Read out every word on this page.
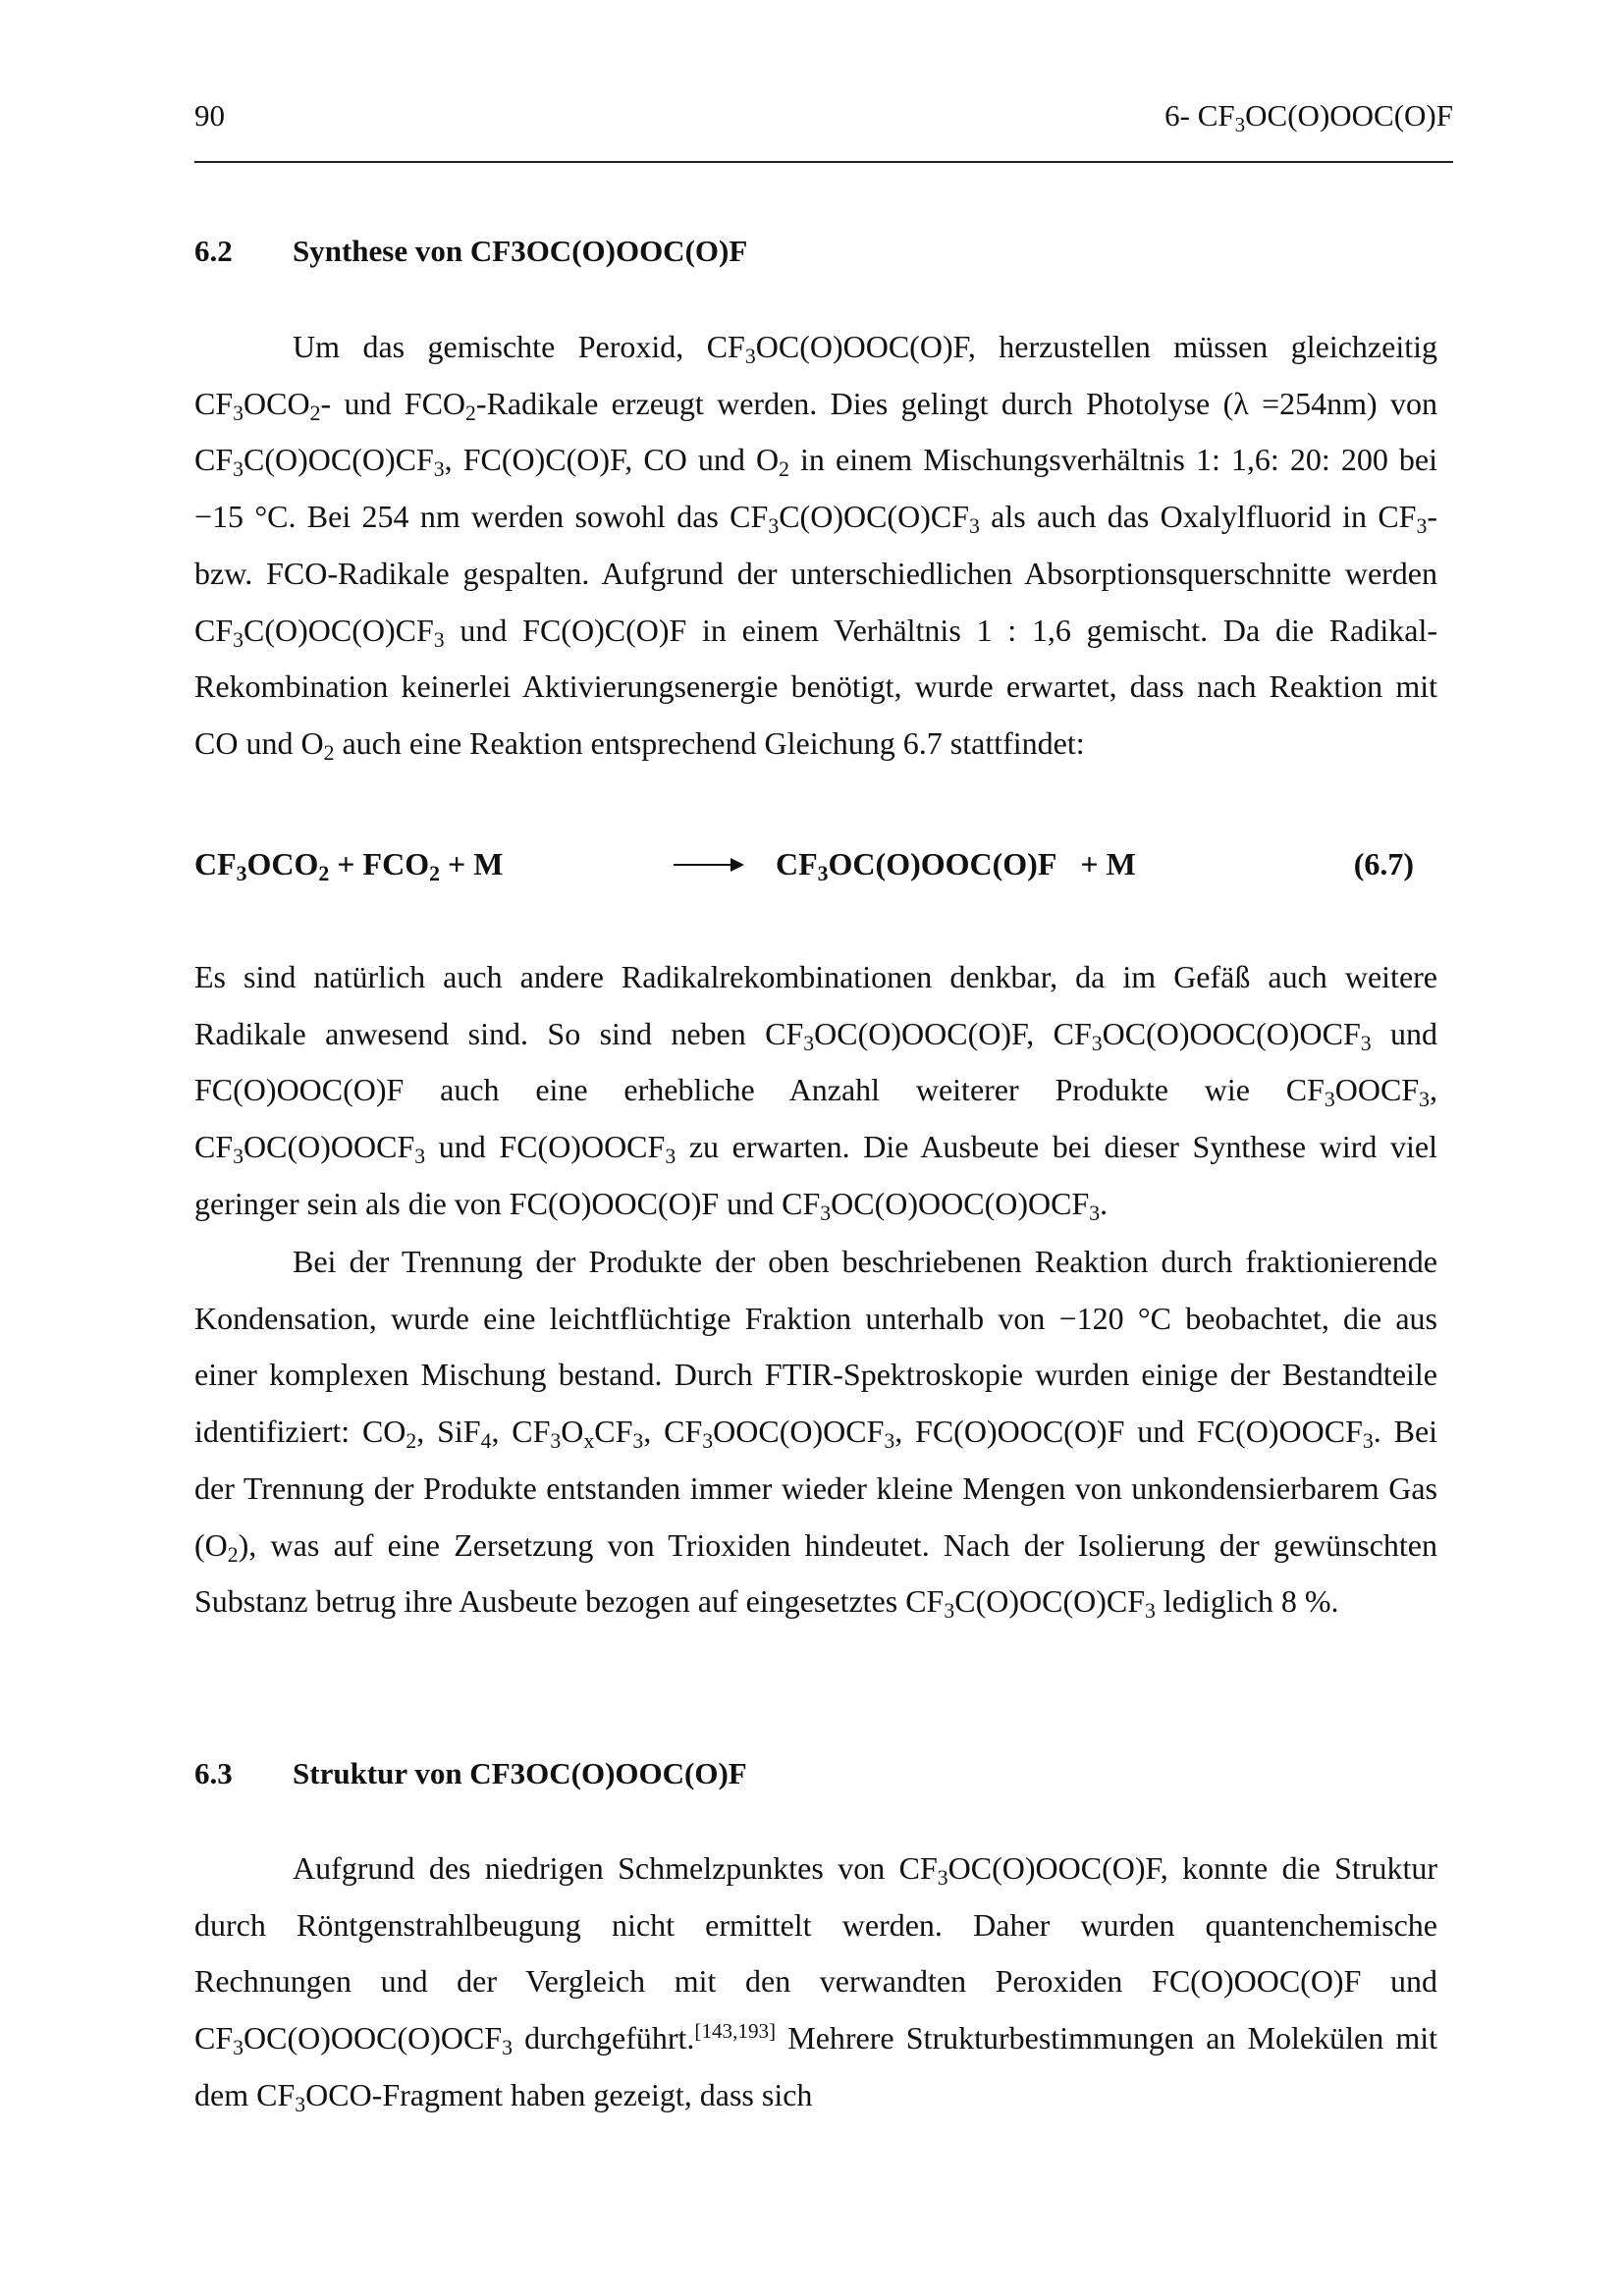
90	6- $CF_3OC(O)OOC(O)F$
6.2 Synthese von CF3OC(O)OOC(O)F
Um das gemischte Peroxid, $CF_3OC(O)OOC(O)F$, herzustellen müssen gleichzeitig $CF_3OCO_2-$ und $FCO_2$-Radikale erzeugt werden. Dies gelingt durch Photolyse (λ =254nm) von $CF_3C(O)OC(O)CF_3$, FC(O)C(O)F, CO und $O_2$ in einem Mischungsverhältnis 1: 1,6: 20: 200 bei −15 °C. Bei 254 nm werden sowohl das $CF_3C(O)OC(O)CF_3$ als auch das Oxalylfluorid in $CF_3-$ bzw. FCO-Radikale gespalten. Aufgrund der unterschiedlichen Absorptionsquerschnitte werden $CF_3C(O)OC(O)CF_3$ und FC(O)C(O)F in einem Verhältnis 1 : 1,6 gemischt. Da die Radikal-Rekombination keinerlei Aktivierungsenergie benötigt, wurde erwartet, dass nach Reaktion mit CO und $O_2$ auch eine Reaktion entsprechend Gleichung 6.7 stattfindet:
$CF_3OCO_2 + FCO_2 + M$	→ $CF_3OC(O)OOC(O)F + M$	(6.7)
Es sind natürlich auch andere Radikalrekombinationen denkbar, da im Gefäß auch weitere Radikale anwesend sind. So sind neben $CF_3OC(O)OOC(O)F$, $CF_3OC(O)OOC(O)OCF_3$ und FC(O)OOC(O)F auch eine erhebliche Anzahl weiterer Produkte wie $CF_3OOCF_3$, $CF_3OC(O)OOCF_3$ und $FC(O)OOCF_3$ zu erwarten. Die Ausbeute bei dieser Synthese wird viel geringer sein als die von FC(O)OOC(O)F und $CF_3OC(O)OOC(O)OCF_3$.
Bei der Trennung der Produkte der oben beschriebenen Reaktion durch fraktionierende Kondensation, wurde eine leichtflüchtige Fraktion unterhalb von −120 °C beobachtet, die aus einer komplexen Mischung bestand. Durch FTIR-Spektroskopie wurden einige der Bestandteile identifiziert: $CO_2$, SiF$_4$, $CF_3O_xCF_3$, $CF_3OOC(O)OCF_3$, FC(O)OOC(O)F und $FC(O)OOCF_3$. Bei der Trennung der Produkte entstanden immer wieder kleine Mengen von unkondensierbarem Gas $(O_2)$, was auf eine Zersetzung von Trioxiden hindeutet. Nach der Isolierung der gewünschten Substanz betrug ihre Ausbeute bezogen auf eingesetztes $CF_3C(O)OC(O)CF_3$ lediglich 8 %.
6.3 Struktur von CF3OC(O)OOC(O)F
Aufgrund des niedrigen Schmelzpunktes von $CF_3OC(O)OOC(O)F$, konnte die Struktur durch Röntgenstrahlbeugung nicht ermittelt werden. Daher wurden quantenchemische Rechnungen und der Vergleich mit den verwandten Peroxiden FC(O)OOC(O)F und $CF_3OC(O)OOC(O)OCF_3$ durchgeführt.[143,193] Mehrere Strukturbestimmungen an Molekülen mit dem $CF_3OCO$-Fragment haben gezeigt, dass sich
